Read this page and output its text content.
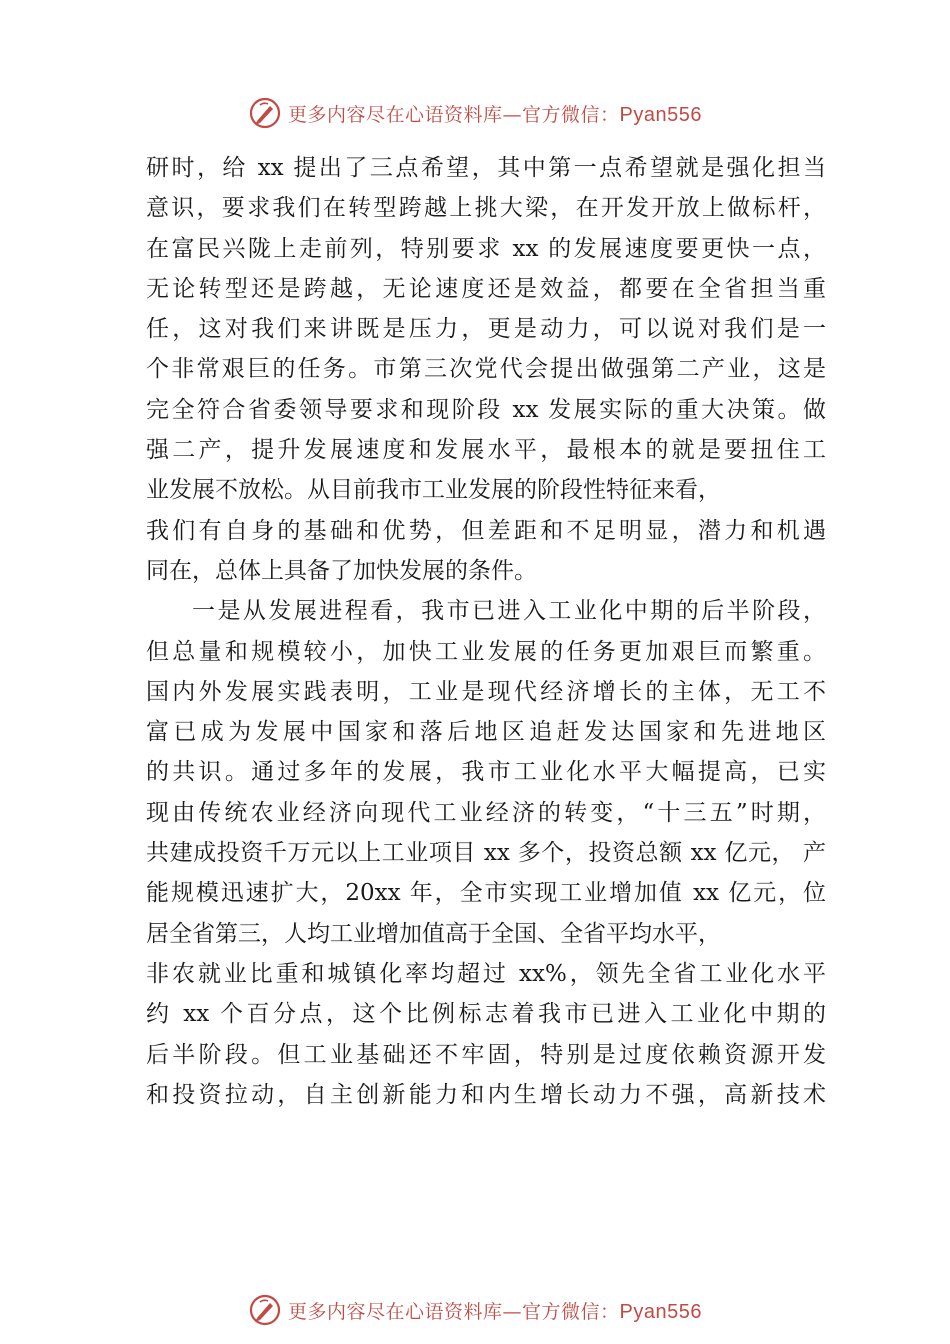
更多内容尽在心语资料库—官方微信：Pyan556
研时，给 xx 提出了三点希望，其中第一点希望就是强化担当
意识，要求我们在转型跨越上挑大梁，在开发开放上做标杆，
在富民兴陇上走前列，特别要求 xx 的发展速度要更快一点，
无论转型还是跨越，无论速度还是效益，都要在全省担当重
任，这对我们来讲既是压力，更是动力，可以说对我们是一
个非常艰巨的任务。市第三次党代会提出做强第二产业，这是
完全符合省委领导要求和现阶段 xx 发展实际的重大决策。做
强二产，提升发展速度和发展水平，最根本的就是要扭住工
业发展不放松。从目前我市工业发展的阶段性特征来看，
我们有自身的基础和优势，但差距和不足明显，潜力和机遇
同在，总体上具备了加快发展的条件。
一是从发展进程看，我市已进入工业化中期的后半阶段，
但总量和规模较小，加快工业发展的任务更加艰巨而繁重。
国内外发展实践表明，工业是现代经济增长的主体，无工不
富已成为发展中国家和落后地区追赶发达国家和先进地区
的共识。通过多年的发展，我市工业化水平大幅提高，已实
现由传统农业经济向现代工业经济的转变，“十三五”时期，
共建成投资千万元以上工业项目 xx 多个，投资总额 xx 亿元， 产
能规模迅速扩大，20xx 年，全市实现工业增加值 xx 亿元，位
居全省第三，人均工业增加值高于全国、全省平均水平，
非农就业比重和城镇化率均超过 xx%，领先全省工业化水平
约 xx 个百分点，这个比例标志着我市已进入工业化中期的
后半阶段。但工业基础还不牢固，特别是过度依赖资源开发
和投资拉动，自主创新能力和内生增长动力不强，高新技术
更多内容尽在心语资料库—官方微信：Pyan556
